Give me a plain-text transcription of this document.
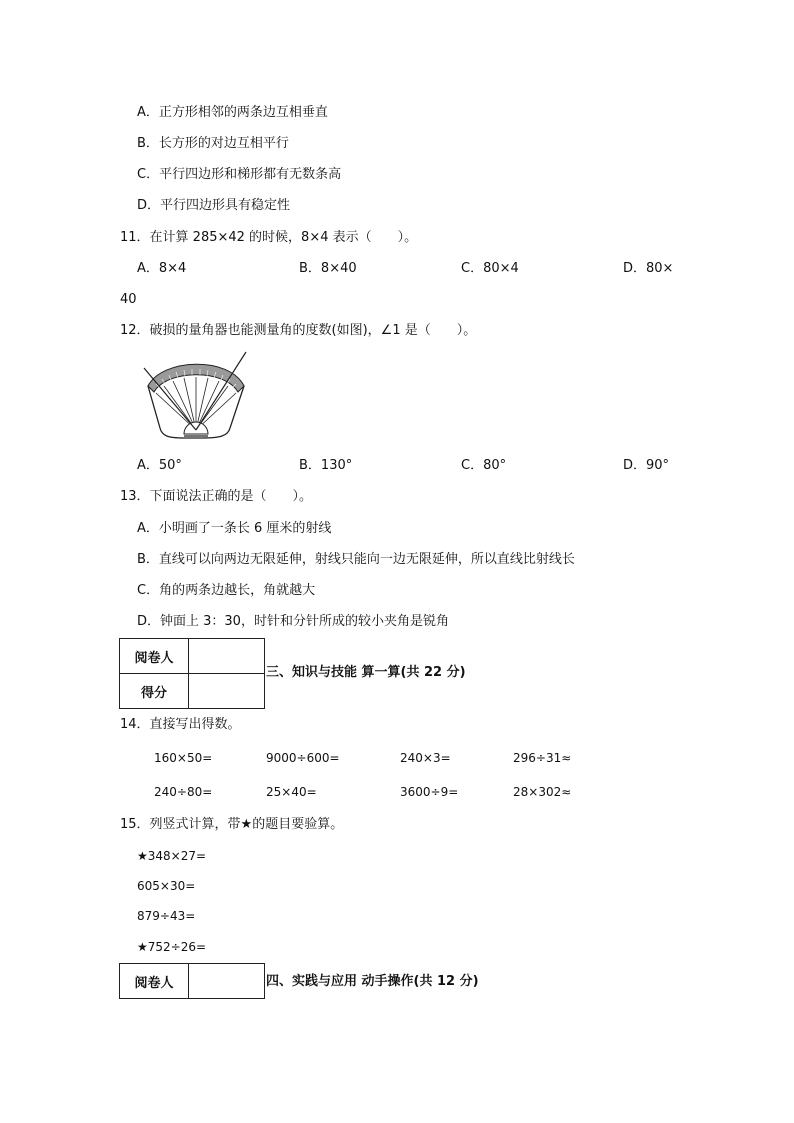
A．正方形相邻的两条边互相垂直
B．长方形的对边互相平行
C．平行四边形和梯形都有无数条高
D．平行四边形具有稳定性
11．在计算 285×42 的时候，8×4 表示（　　）。
A．8×4	B．8×40	C．80×4	D．80×
40
12．破损的量角器也能测量角的度数(如图)，∠1 是（　　）。
A．50°	B．130°	C．80°	D．90°
13．下面说法正确的是（　　）。
A．小明画了一条长 6 厘米的射线
B．直线可以向两边无限延伸，射线只能向一边无限延伸，所以直线比射线长
C．角的两条边越长，角就越大
D．钟面上 3：30，时针和分针所成的较小夹角是锐角
阅卷人	
得分	
三、知识与技能 算一算(共 22 分)
14．直接写出得数。
160×50=	9000÷600=	240×3=	296÷31≈
240÷80=	25×40=	3600÷9=	28×302≈
15．列竖式计算，带★的题目要验算。
★348×27=
605×30=
879÷43=
★752÷26=
阅卷人		四、实践与应用 动手操作(共 12 分)
